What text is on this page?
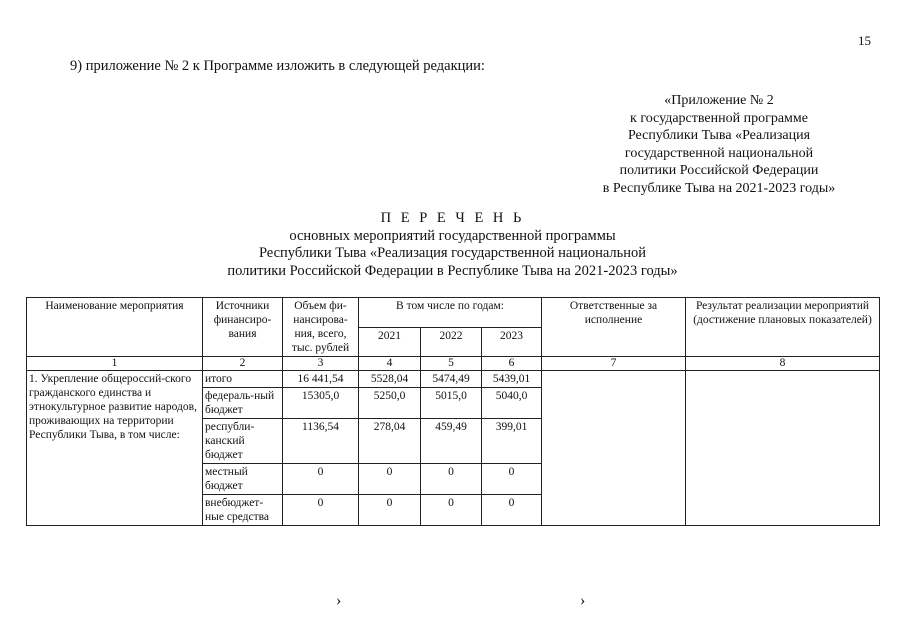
15
9) приложение № 2 к Программе изложить в следующей редакции:
«Приложение № 2
к государственной программе
Республики Тыва «Реализация
государственной национальной
политики Российской Федерации
в Республике Тыва на 2021-2023 годы»
П Е Р Е Ч Е Н Ь
основных мероприятий государственной программы
Республики Тыва «Реализация государственной национальной
политики Российской Федерации в Республике Тыва на 2021-2023 годы»
Наименование мероприятия	Источники финансиро-вания	Объем фи-нансирова-ния, всего, тыс. рублей	В том числе по годам:			Ответственные за исполнение	Результат реализации мероприятий (достижение плановых показателей)
			2021	2022	2023		
1	2	3	4	5	6	7	8
1. Укрепление общероссий-ского гражданского единства и этнокультурное развитие народов, проживающих на территории Республики Тыва, в том числе:	итого	16 441,54	5528,04	5474,49	5439,01		
	федераль-ный бюджет	15305,0	5250,0	5015,0	5040,0		
	республи-канский бюджет	1136,54	278,04	459,49	399,01		
	местный бюджет	0	0	0	0		
	внебюджет-ные средства	0	0	0	0		
›	›
